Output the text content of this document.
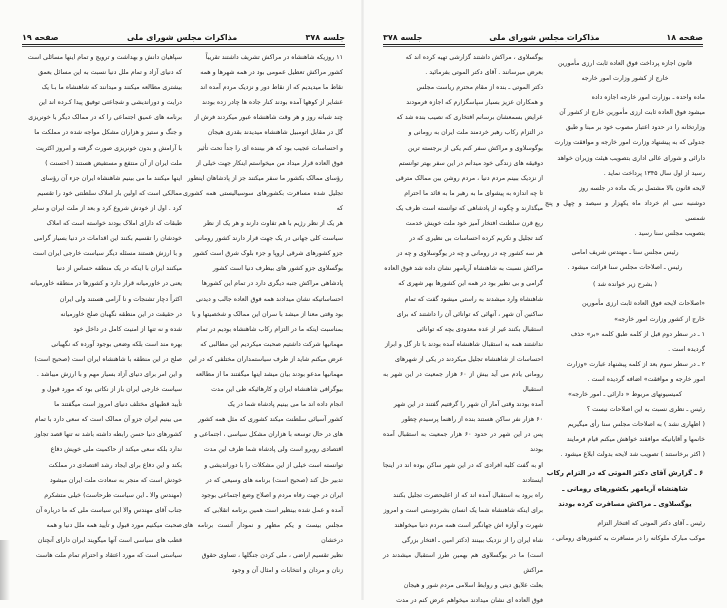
جلسه ۳۷۸
مذاکرات مجلس شورای ملی
صفحه ۱۹

۱۱ روزیکه شاهنشاه در مراکش تشریف داشتند تقریباً

کشور مراکش تعطیل عمومی بود در همه شهرها و همه

نقاط ما میدیدیم که از نقاط دور و نزدیک مردم آمده اند

عشایر از کوهها آمده بودند کنار جاده ها چادر زده بودند

چند شبانه روز و هر وقت شاهنشاه عبور میکردند فرش از

گل در مقابل اتومبیل شاهنشاه میدیدند بقدری هیجان

و احساسات عجیب بود که هر بیننده ای را جداً تحت تأثیر

فوق العاده قرار میداد من میخواستم اینکار جهت خیلی از

رؤسای ممالک بکشور ما سفر میکنند جز از پادشاهان اینطور

تجلیل شده مسافرت بکشورهای سوسیالیستی همه کشوری که

هر یک از نظر رژیم با هم تفاوت دارند و هر یک از نظر

سیاست کلی جهانی در یک جهت قرار دارند کشور رومانی

جزو کشورهای شرقی اروپا و جزء بلوک شرق است کشور

یوگسلاوی جزو کشور های بیطرف دنیا است کشور

پادشاهی مراکش جنبه دیگری دارد در تمام این کشورها

احساساتیکه نشان میدادند همه فوق العاده جالب و دیدنی

بود وقتی معنا از میشد با سران این ممالک و شخصیتها و با

بمناسبت اینکه ما در التزام رکاب شاهنشاه بودیم در تمام

مهمانیها شرکت داشتیم صحبت میکردیم این مطالبی که

عرض میکنم شاید از طرف سیاستمداران مختلفی که در این

مهمانیها مدعو بودند بیان میشد اینها میگفتند ما از مطالعه

بیوگرافی شاهنشاه ایران و کارهائیکه طی این مدت

انجام داده اند ما می بینیم پادشاه شما در یک

کشور آسیائی سلطنت میکند کشوری که مثل همه کشور

های در حال توسعه با هزاران مشکل سیاسی ، اجتماعی و

اقتصادی روبرو است ولی پادشاه شما ظرف این مدت

توانسته است خیلی از این مشکلات را با دوراندیشی و

تدبیر حل کند (صحیح است) برنامه های وسیعی که در

ایران در جهت رفاه مردم و اصلاح وضع اجتماعی بوجود

آمده و عمل شده بینظیر است همین برنامه انقلابی که

مجلس بیست و یکم مظهر و نمودار آنست برنامه های درخشان

نظیر تقسیم اراضی ، ملی کردن جنگلها ، تساوی حقوق

زنان و مردان و انتخابات و امثال آن و وجود

سپاهیان دانش و بهداشت و ترویج و تمام اینها مسائلی است

که دنیای آزاد و تمام ملل دنیا نسبت به این مسائل بعمق

بیشتری مطالعه میکنند و میدانند که شاهنشاه ما بـا یک

درایت و دوراندیشی و شجاعتی توفیق پیدا کـرده اند این

برنامه های عمیق اجتماعی را که در ممالک دیگر با خونریزی

و جنگ و ستیز و هزاران مشکل مواجه شده در مملکت ما

با آرامش و بدون خونریزی صورت گرفته و امروز اکثریت

ملت ایران از آن منتفع و مستفیض هستند ( احسنت )

اینها میکنند ما می بینیم شاهنشاه ایران جزء آن رؤسای

ممالکی است که اولین بار املاک سلطنتی خود را تقسیم

کرد . اول از خودش شروع کرد و بعد از ملت ایران و سایر

طبقات که دارای املاک بودند خواسته است که املاک

خودشان را تقسیم بکنند این اقدامات در دنیا بسیار گرامی

و با ارزش هستند مسئله دیگر سیاست خارجی ایران است

میکنند ایران با اینکه در یک منطقه حساس از دنیا

یعنی در خاورمیانه قرار دارد و کشورها در منطقه خاورمیانه

اکثراً دچار تشنجات و نا آرامی هستند ولی ایران

در حقیقت در این منطقه نگهبان صلح خاورمیانه

شده و نه تنها از امنیت کامل در داخل خود

بهره مند است بلکه وضعی بوجود آورده که نگهبانی

صلح در این منطقه با شاهنشاه ایران است (صحیح است)

و این امر برای دنیای آزاد بسیار مهم و با ارزش میباشد .

سیاست خارجی ایران باز از نکاتی بود که مورد قبول و

تأیید قطبهای مختلف دنیای امروز است میگفتند ما

می بینیم ایران جزو آن ممالک است که سعی دارد با تمام

کشورهای دنیا حسن رابطه داشته باشد نه تنها قصد تجاوز

ندارد بلکه سعی میکند از حاکمیت ملی خویش دفاع

بکند و این دفاع برای ایجاد رشد اقتصادی در مملکت

خودش است که منجر به سعادت ملت ایران میشود

(مهندس والا ـ این سیاست طرحاست) خیلی متشکرم

جناب آقای مهندس والا این سیاست ملی که ما درباره آن

صحبت میکنیم مورد قبول و تأیید همه ملل دنیا و همه

قطب های سیاسی است آنها میگویند ایران دارای آنچنان

سیاستی است که مورد اعتقاد و احترام تمام ملت هاست

صفحه ۱۸
مذاکرات مجلس شورای ملی
جلسه ۳۷۸

قانون اجازه پرداخت فوق العاده ثابت ارزی مأمورین

خارج از کشور وزارت امور خارجه

ماده واحده ـ بوزارت امور خارجه اجازه داده

میشود فوق العاده ثابت ارزی مأمورین خارج از کشور آن

وزارتخانه را در حدود اعتبار مصوب خود بر مبنا و طبق

جدولی که به پیشنهاد وزارت امور خارجه و موافقت وزارت

دارائی و شورای عالی اداری بتصویب هیئت وزیران خواهد

رسید از اول سال ۱۳۴۵ پرداخت نماید .

لایحه قانون بالا مشتمل بر یک ماده در جلسه روز

دوشنبه سی ام خرداد ماه یکهزار و سیصد و چهل و پنج شمسی

بتصویب مجلس سنا رسید .

رئیس مجلس سنا ـ مهندس شریف امامی

رئیس ـ اصلاحات مجلس سنا قرائت میشود .

( بشرح زیر خوانده شد )

«اصلاحات لایحه فوق العاده ثابت ارزی مأمورین

خارج از کشور وزارت امور خارجه»

۱ ـ در سطر دوم قبل از کلمه طبق کلمه «بر» حذف

گردیده است .

۲ ـ در سطر سوم بعد از کلمه پیشنهاد عبارت «وزارت

امور خارجه و موافقت» اضافه گردیده است .

کمیسیونهای مربوط « دارائی ـ امور خارجه»

رئیس ـ نظری نسبت به این اصلاحات نیست ؟

( اظهاری نشد ) به اصلاحات مجلس سنا رأی میگیریم

خانمها و آقایانیکه موافقند خواهش میکنم قیام فرمایند

( اکثر برخاستند ) تصویب شد لایحه بدولت ابلاغ میشود .

۶ ـ گزارش آقای دکتر الموتی که در التزام رکاب

شاهنشاه آریامهر بکشورهای رومانی ـ

یوگسلاوی ـ مراکش مسافرت کرده بودند

رئیس ـ آقای دکتر الموتی که افتخار التزام

موکب مبارک ملوکانه را در مسافرت به کشورهای رومانی ،

یوگسلاوی ، مراکش داشتند گزارشی تهیه کرده اند که

بعرض میرسانند . آقای دکتر الموتی بفرمائید .

دکتر الموتی ـ بنده از مقام محترم ریاست مجلس

و همکاران عزیز بسیار سپاسگزارم که اجازه فرمودند

عرایض بسمعشان برسانم افتخاری که نصیب بنده شد که

در التزام رکاب رهبر خردمند ملت ایران به رومانی و

یوگوسلاوی و مراکش سفر کنم یکی از برجسته ترین

دوقیقه های زندگی خود میدانم در این سفر بهتر توانستم

از نزدیک ببینم مردم دنیا ، مردم روشن بین ممالک مترقی

تا چه اندازه به پیشوای ما به رهبر ما به قائد ما احترام

میگذارند و چگونه از پادشاهی که توانسته است ظرف یک

ربع قرن سلطنت افتخار آمیز خود ملت خویش خدمت

کند تجلیل و تکریم کرده احساسات بی نظیری که در

هر سه کشور چه در رومانی و چه در یوگوسلاوی و چه در

مراکش نسبت به شاهنشاه آریامهر نشان داده شد فوق العاده

گرامی و بی نظیر بود در همه این کشورها بهر شهری که

شاهنشاه وارد میشدند به راستی میشود گفت که تمام

ساکنین آن شهر ، آنهائی که توانائی آن را داشتند که برای

استقبال بکنند غیر از عده معدودی بچه که توانائی

نداشتند همه به استقبال شاهنشاه آمده بودند با تار گل و ابراز

احساسات از شاهنشاه تجلیل میکردند در یکی از شهرهای

رومانی یادم می آید بیش از ۶۰ هزار جمعیت در این شهر به استقبال

آمده بودند وقتی آمار آن شهر را گرفتیم گفتند در این شهر

۶۰ هزار نفر ساکن هستند بنده از راهنما پرسیدم چطور

پس در این شهر در حدود ۶۰ هزار جمعیت به استقبال آمده بودند

او به گفت کلیه افرادی که در این شهر ساکن بوده اند در اینجا ایستادند

راه برود به استقبال آمده اند که از اعلیحضرت تجلیل بکنند

برای اینکه شاهنشاه شما یک انسان بشردوستی است و امروز

شهرت و آوازه اش جهانگیر است همه مردم دنیا میخواهند

شاه ایران را از نزدیک ببینند (دکتر امین ـ افتخار بزرگی

است) ما در یوگسلاوی هم بهمین طرز استقبال میشدند در مراکش

بعلت علایق دینی و روابط اسلامی مردم شور و هیجان

فوق العاده ای نشان میدادند میخواهم عرض کنم در مدت
